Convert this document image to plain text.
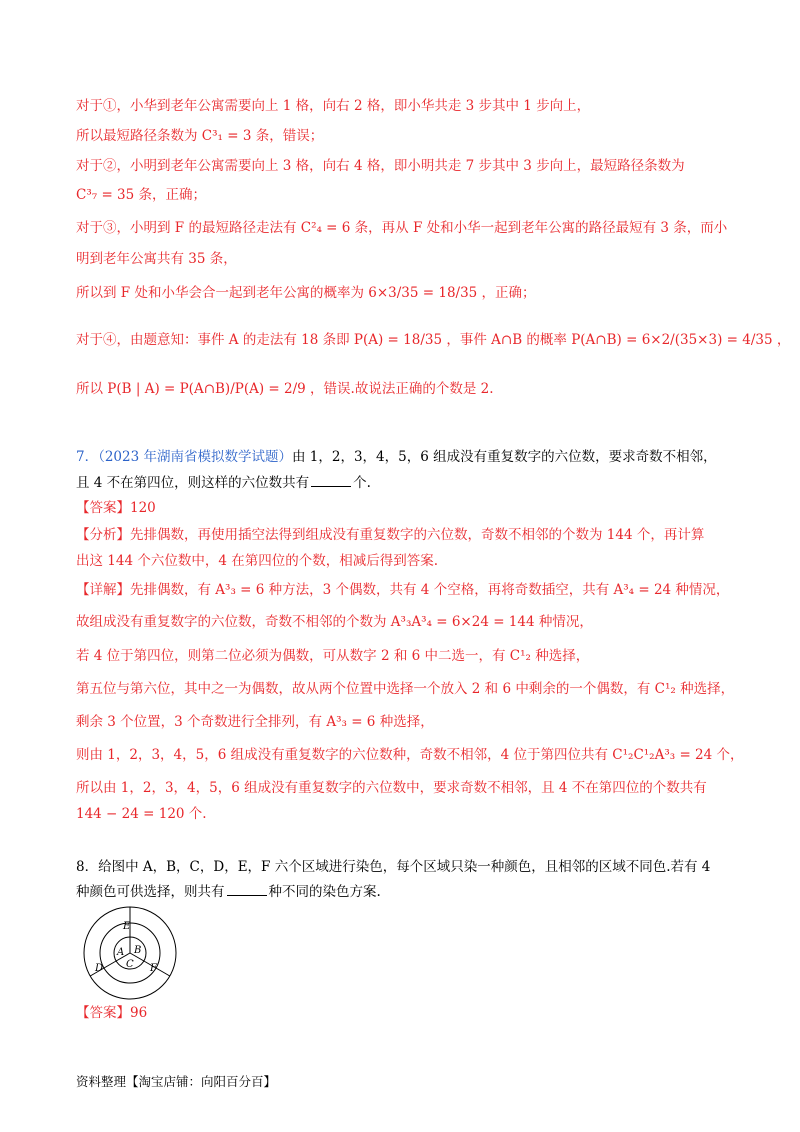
对于①，小华到老年公寓需要向上 1 格，向右 2 格，即小华共走 3 步其中 1 步向上，
所以最短路径条数为 C³₁ = 3 条，错误；
对于②，小明到老年公寓需要向上 3 格，向右 4 格，即小明共走 7 步其中 3 步向上，最短路径条数为
C³₇ = 35 条，正确；
对于③，小明到 F 的最短路径走法有 C²₄ = 6 条，再从 F 处和小华一起到老年公寓的路径最短有 3 条，而小
明到老年公寓共有 35 条，
所以到 F 处和小华会合一起到老年公寓的概率为 6×3/35 = 18/35 ，正确；
对于④，由题意知：事件 A 的走法有 18 条即 P(A) = 18/35 ，事件 A∩B 的概率 P(A∩B) = 6×2/(35×3) = 4/35 ，
所以 P(B | A) = P(A∩B)/P(A) = 2/9 ，错误.故说法正确的个数是 2.
7．（2023 年湖南省模拟数学试题）由 1，2，3，4，5，6 组成没有重复数字的六位数，要求奇数不相邻，
且 4 不在第四位，则这样的六位数共有	个.
【答案】120
【分析】先排偶数，再使用插空法得到组成没有重复数字的六位数，奇数不相邻的个数为 144 个，再计算
出这 144 个六位数中，4 在第四位的个数，相减后得到答案.
【详解】先排偶数，有 A³₃ = 6 种方法，3 个偶数，共有 4 个空格，再将奇数插空，共有 A³₄ = 24 种情况，
故组成没有重复数字的六位数，奇数不相邻的个数为 A³₃A³₄ = 6×24 = 144 种情况，
若 4 位于第四位，则第二位必须为偶数，可从数字 2 和 6 中二选一，有 C¹₂ 种选择，
第五位与第六位，其中之一为偶数，故从两个位置中选择一个放入 2 和 6 中剩余的一个偶数，有 C¹₂ 种选择，
剩余 3 个位置，3 个奇数进行全排列，有 A³₃ = 6 种选择，
则由 1，2，3，4，5，6 组成没有重复数字的六位数种，奇数不相邻，4 位于第四位共有 C¹₂C¹₂A³₃ = 24 个，
所以由 1，2，3，4，5，6 组成没有重复数字的六位数中，要求奇数不相邻，且 4 不在第四位的个数共有
144 − 24 = 120 个.
8．给图中 A，B，C，D，E，F 六个区域进行染色，每个区域只染一种颜色，且相邻的区域不同色.若有 4
种颜色可供选择，则共有	种不同的染色方案.
E
A B
C
D	F
【答案】96
资料整理【淘宝店铺：向阳百分百】
